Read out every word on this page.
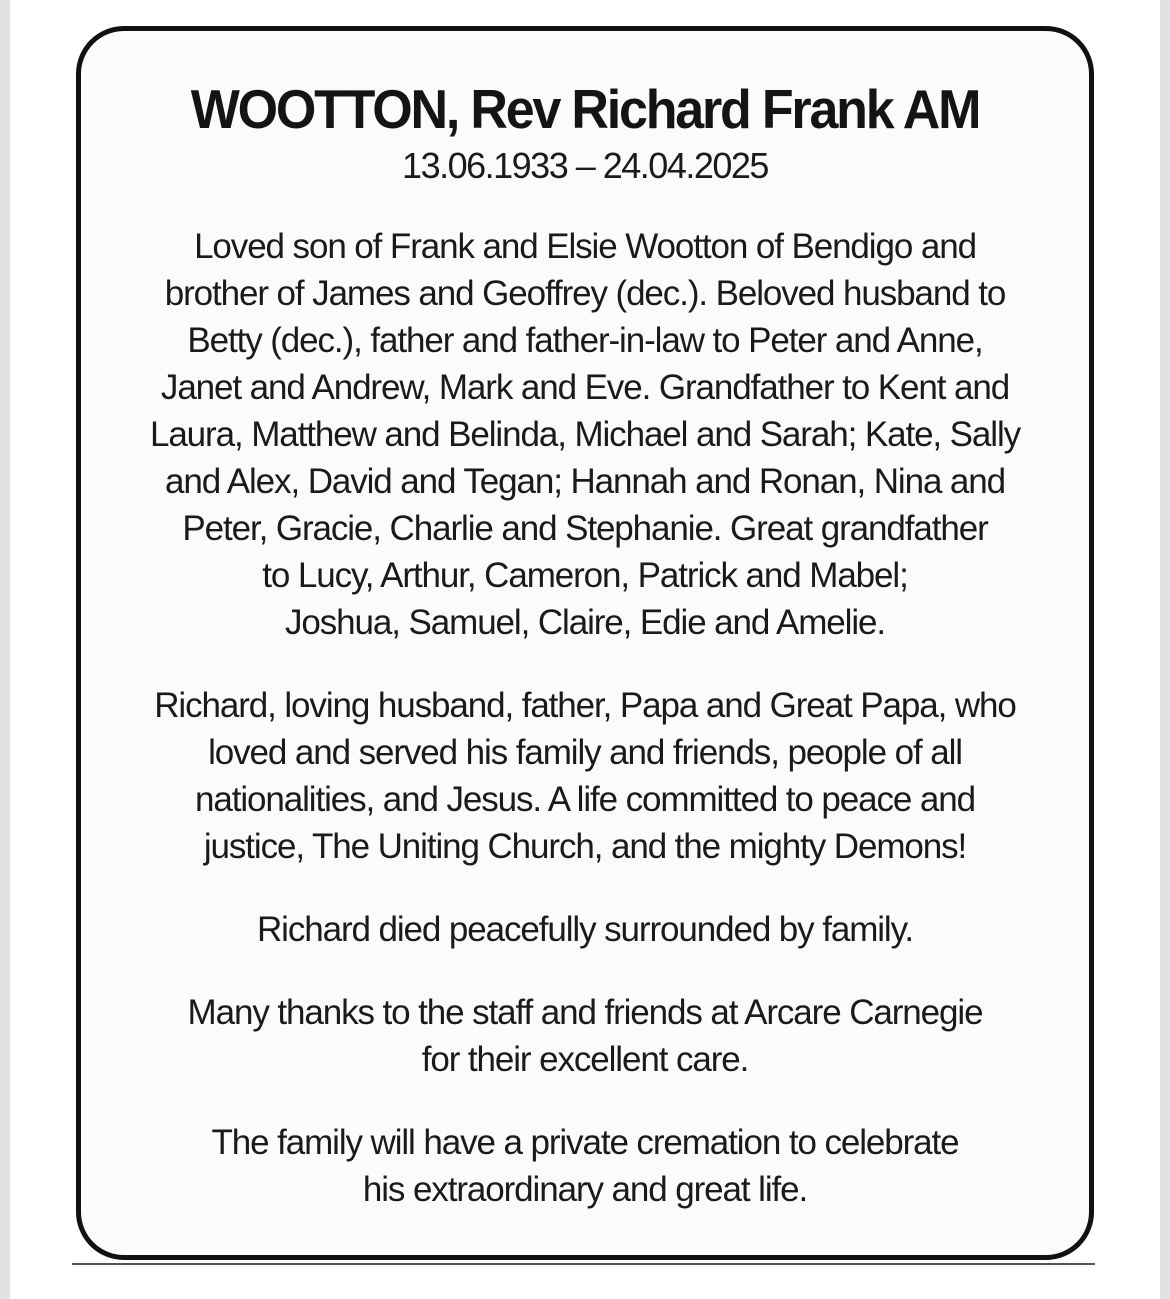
WOOTTON, Rev Richard Frank AM
13.06.1933 – 24.04.2025

Loved son of Frank and Elsie Wootton of Bendigo and
brother of James and Geoffrey (dec.). Beloved husband to
Betty (dec.), father and father-in-law to Peter and Anne,
Janet and Andrew, Mark and Eve. Grandfather to Kent and
Laura, Matthew and Belinda, Michael and Sarah; Kate, Sally
and Alex, David and Tegan; Hannah and Ronan, Nina and
Peter, Gracie, Charlie and Stephanie. Great grandfather
to Lucy, Arthur, Cameron, Patrick and Mabel;
Joshua, Samuel, Claire, Edie and Amelie.

Richard, loving husband, father, Papa and Great Papa, who
loved and served his family and friends, people of all
nationalities, and Jesus. A life committed to peace and
justice, The Uniting Church, and the mighty Demons!

Richard died peacefully surrounded by family.

Many thanks to the staff and friends at Arcare Carnegie
for their excellent care.

The family will have a private cremation to celebrate
his extraordinary and great life.
